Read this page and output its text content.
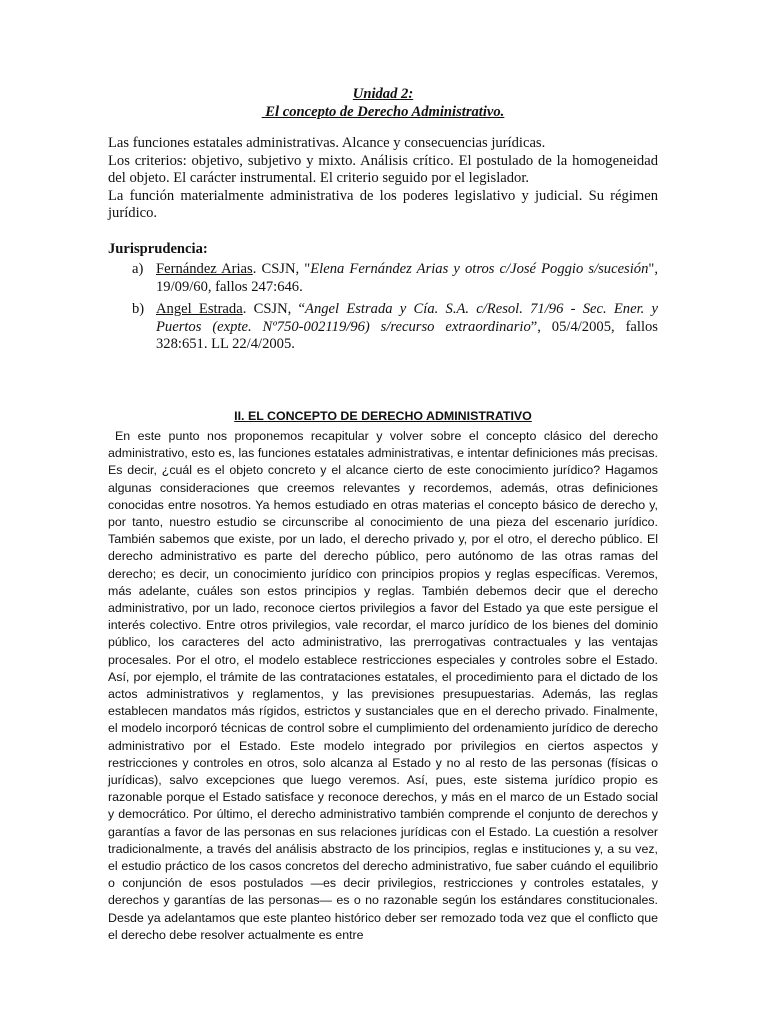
Unidad 2:
El concepto de Derecho Administrativo.

Las funciones estatales administrativas. Alcance y consecuencias jurídicas.

Los criterios: objetivo, subjetivo y mixto. Análisis crítico. El postulado de la homogeneidad del objeto. El carácter instrumental. El criterio seguido por el legislador.

La función materialmente administrativa de los poderes legislativo y judicial. Su régimen jurídico.

Jurisprudencia:
a) Fernández Arias. CSJN, "Elena Fernández Arias y otros c/José Poggio s/sucesión", 19/09/60, fallos 247:646.
b) Angel Estrada. CSJN, “Angel Estrada y Cía. S.A. c/Resol. 71/96 - Sec. Ener. y Puertos (expte. Nº750-002119/96) s/recurso extraordinario”, 05/4/2005, fallos 328:651. LL 22/4/2005.
II. EL CONCEPTO DE DERECHO ADMINISTRATIVO

En este punto nos proponemos recapitular y volver sobre el concepto clásico del derecho administrativo, esto es, las funciones estatales administrativas, e intentar definiciones más precisas. Es decir, ¿cuál es el objeto concreto y el alcance cierto de este conocimiento jurídico? Hagamos algunas consideraciones que creemos relevantes y recordemos, además, otras definiciones conocidas entre nosotros. Ya hemos estudiado en otras materias el concepto básico de derecho y, por tanto, nuestro estudio se circunscribe al conocimiento de una pieza del escenario jurídico. También sabemos que existe, por un lado, el derecho privado y, por el otro, el derecho público. El derecho administrativo es parte del derecho público, pero autónomo de las otras ramas del derecho; es decir, un conocimiento jurídico con principios propios y reglas específicas. Veremos, más adelante, cuáles son estos principios y reglas. También debemos decir que el derecho administrativo, por un lado, reconoce ciertos privilegios a favor del Estado ya que este persigue el interés colectivo. Entre otros privilegios, vale recordar, el marco jurídico de los bienes del dominio público, los caracteres del acto administrativo, las prerrogativas contractuales y las ventajas procesales. Por el otro, el modelo establece restricciones especiales y controles sobre el Estado. Así, por ejemplo, el trámite de las contrataciones estatales, el procedimiento para el dictado de los actos administrativos y reglamentos, y las previsiones presupuestarias. Además, las reglas establecen mandatos más rígidos, estrictos y sustanciales que en el derecho privado. Finalmente, el modelo incorporó técnicas de control sobre el cumplimiento del ordenamiento jurídico de derecho administrativo por el Estado. Este modelo integrado por privilegios en ciertos aspectos y restricciones y controles en otros, solo alcanza al Estado y no al resto de las personas (físicas o jurídicas), salvo excepciones que luego veremos. Así, pues, este sistema jurídico propio es razonable porque el Estado satisface y reconoce derechos, y más en el marco de un Estado social y democrático. Por último, el derecho administrativo también comprende el conjunto de derechos y garantías a favor de las personas en sus relaciones jurídicas con el Estado. La cuestión a resolver tradicionalmente, a través del análisis abstracto de los principios, reglas e instituciones y, a su vez, el estudio práctico de los casos concretos del derecho administrativo, fue saber cuándo el equilibrio o conjunción de esos postulados —es decir privilegios, restricciones y controles estatales, y derechos y garantías de las personas— es o no razonable según los estándares constitucionales. Desde ya adelantamos que este planteo histórico deber ser remozado toda vez que el conflicto que el derecho debe resolver actualmente es entre
